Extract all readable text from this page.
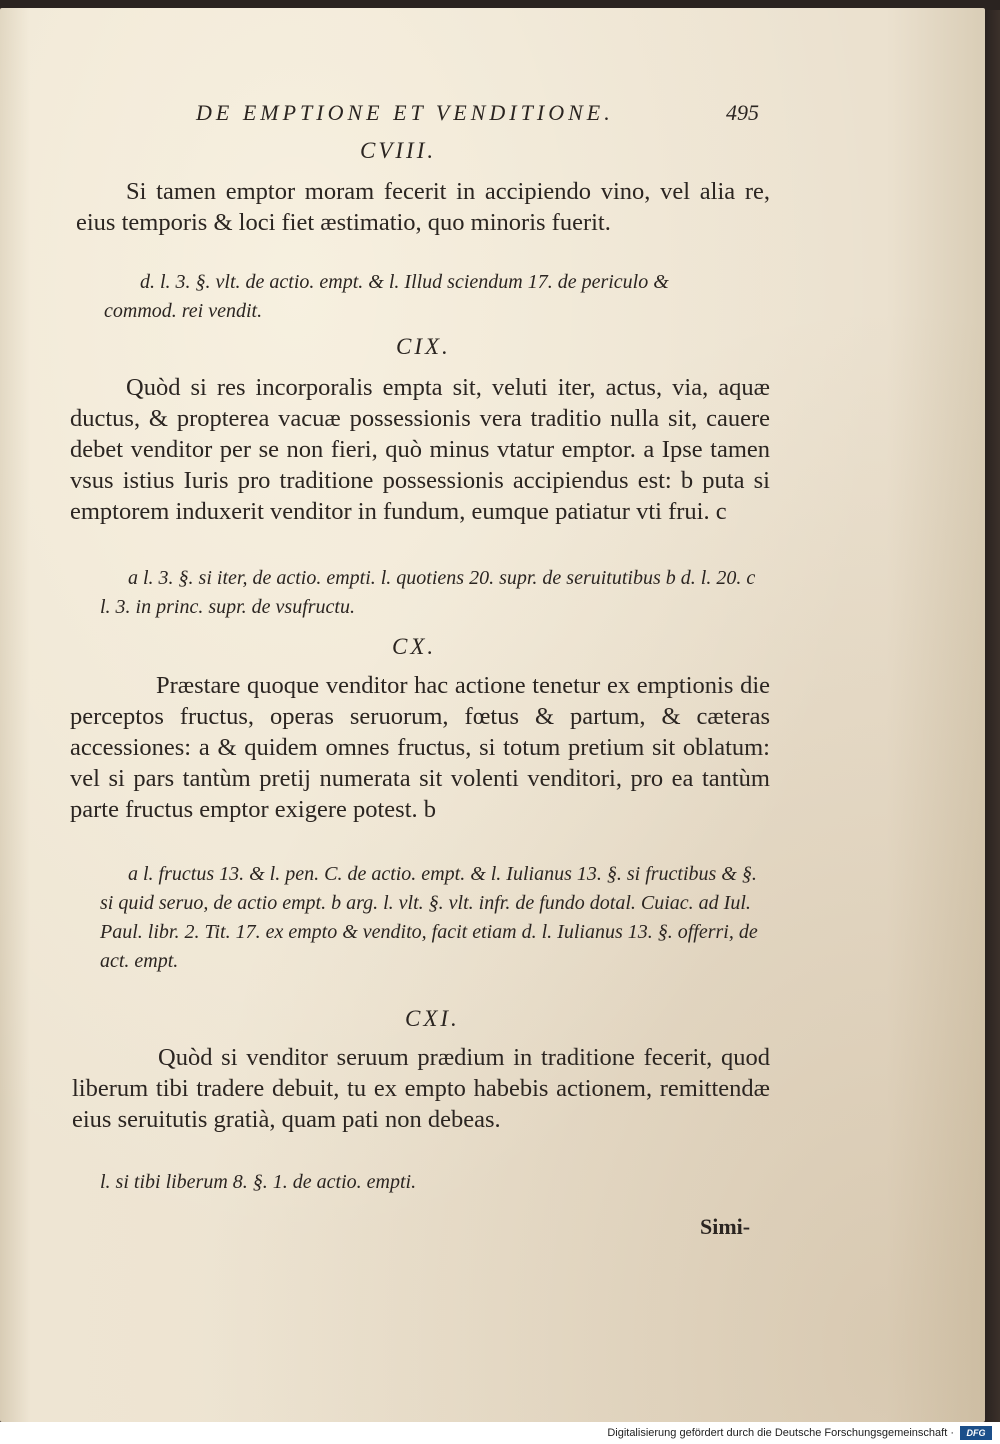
DE EMPTIONE ET VENDITIONE.	495
CVIII.
Si tamen emptor moram fecerit in accipiendo vino, vel alia re, eius temporis & loci fiet æstimatio, quo minoris fuerit.
d. l. 3. §. vlt. de actio. empt. & l. Illud sciendum 17. de periculo & commod. rei vendit.
CIX.
Quòd si res incorporalis empta sit, veluti iter, actus, via, aquæ ductus, & propterea vacuæ possessionis vera traditio nulla sit, cauere debet venditor per se non fieri, quò minus vtatur emptor. a Ipse tamen vsus istius Iuris pro traditione possessionis accipiendus est: b puta si emptorem induxerit venditor in fundum, eumque patiatur vti frui. c
a l. 3. §. si iter, de actio. empti. l. quotiens 20. supr. de seruitutibus b d. l. 20. c l. 3. in princ. supr. de vsufructu.
CX.
Præstare quoque venditor hac actione tenetur ex emptionis die perceptos fructus, operas seruorum, fœtus & partum, & cæteras accessiones: a & quidem omnes fructus, si totum pretium sit oblatum: vel si pars tantùm pretij numerata sit volenti venditori, pro ea tantùm parte fructus emptor exigere potest. b
a l. fructus 13. & l. pen. C. de actio. empt. & l. Iulianus 13. §. si fructibus & §. si quid seruo, de actio empt. b arg. l. vlt. §. vlt. infr. de fundo dotal. Cuiac. ad Iul. Paul. libr. 2. Tit. 17. ex empto & vendito, facit etiam d. l. Iulianus 13. §. offerri, de act. empt.
CXI.
Quòd si venditor seruum prædium in traditione fecerit, quod liberum tibi tradere debuit, tu ex empto habebis actionem, remittendæ eius seruitutis gratià, quam pati non debeas.
l. si tibi liberum 8. §. 1. de actio. empti.
Simi-
Digitalisierung gefördert durch die Deutsche Forschungsgemeinschaft ·	DFG
